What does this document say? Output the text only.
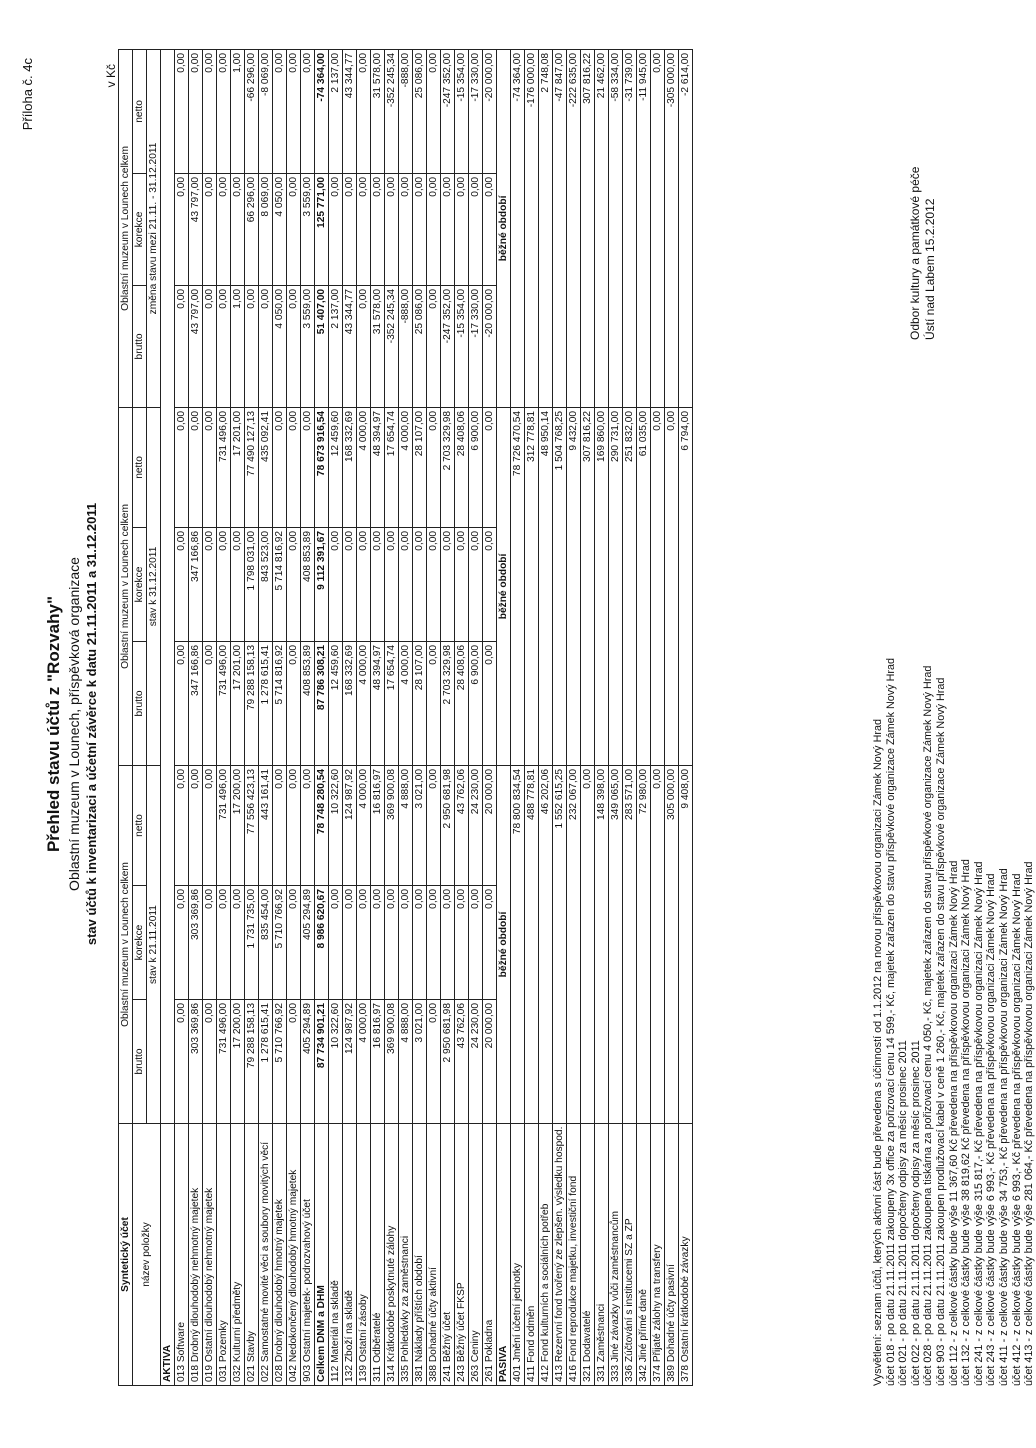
Příloha č. 4c
Přehled stavu účtů z "Rozvahy" Oblastní muzeum v Lounech, příspěvková organizace stav účtů k inventarizaci a účetní závěrce k datu 21.11.2011 a 31.12.2011
v Kč
Syntetický účet	Oblastní muzeum v Lounech celkem			Oblastní muzeum v Lounech celkem			Oblastní muzeum v Lounech celkem		
název položky	brutto	korekce	netto	brutto	korekce	netto	brutto	korekce	netto
	stav k 21.11.2011			stav k 31.12.2011			změna stavu mezi 21.11. - 31.12.2011		
AKTIVA									
013 Software	0,00	0,00	0,00	0,00	0,00	0,00	0,00	0,00	0,00
018 Drobný dlouhodobý nehmotný majetek	303 369,86	303 369,86	0,00	347 166,86	347 166,86	0,00	43 797,00	43 797,00	0,00
019 Ostatní dlouhodobý nehmotný majetek	0,00	0,00	0,00	0,00	0,00	0,00	0,00	0,00	0,00
031 Pozemky	731 496,00	0,00	731 496,00	731 496,00	0,00	731 496,00	0,00	0,00	0,00
032 Kulturní předměty	17 200,00	0,00	17 200,00	17 201,00	0,00	17 201,00	1,00	0,00	1,00
021 Stavby	79 288 158,13	1 731 735,00	77 556 423,13	79 288 158,13	1 798 031,00	77 490 127,13	0,00	66 296,00	-66 296,00
022 Samostatné movité věci a soubory movitých věcí	1 278 615,41	835 454,00	443 161,41	1 278 615,41	843 523,00	435 092,41	0,00	8 069,00	-8 069,00
028 Drobný dlouhodobý hmotný majetek	5 710 766,92	5 710 766,92	0,00	5 714 816,92	5 714 816,92	0,00	4 050,00	4 050,00	0,00
042 Nedokončený dlouhodobý hmotný majetek	0,00	0,00	0,00	0,00	0,00	0,00	0,00	0,00	0,00
903 Ostatní majetek- podrozvahový účet	405 294,89	405 294,89	0,00	408 853,89	408 853,89	0,00	3 559,00	3 559,00	0,00
Celkem DNM a DHM	87 734 901,21	8 986 620,67	78 748 280,54	87 786 308,21	9 112 391,67	78 673 916,54	51 407,00	125 771,00	-74 364,00
112 Materiál na skladě	10 322,60	0,00	10 322,60	12 459,60	0,00	12 459,60	2 137,00	0,00	2 137,00
132 Zboží na skladě	124 987,92	0,00	124 987,92	168 332,69	0,00	168 332,69	43 344,77	0,00	43 344,77
139 Ostatní zásoby	4 000,00	0,00	4 000,00	4 000,00	0,00	4 000,00	0,00	0,00	0,00
311 Odběratelé	16 816,97	0,00	16 816,97	48 394,97	0,00	48 394,97	31 578,00	0,00	31 578,00
314 Krátkodobé poskytnuté zálohy	369 900,08	0,00	369 900,08	17 654,74	0,00	17 654,74	-352 245,34	0,00	-352 245,34
335 Pohledávky za zaměstnanci	4 888,00	0,00	4 888,00	4 000,00	0,00	4 000,00	-888,00	0,00	-888,00
381 Náklady příštích období	3 021,00	0,00	3 021,00	28 107,00	0,00	28 107,00	25 086,00	0,00	25 086,00
388 Dohadné účty aktivní	0,00	0,00	0,00	0,00	0,00	0,00	0,00	0,00	0,00
241 Běžný účet	2 950 681,98	0,00	2 950 681,98	2 703 329,98	0,00	2 703 329,98	-247 352,00	0,00	-247 352,00
243 Běžný účet FKSP	43 762,06	0,00	43 762,06	28 408,06	0,00	28 408,06	-15 354,00	0,00	-15 354,00
263 Ceniny	24 230,00	0,00	24 230,00	6 900,00	0,00	6 900,00	-17 330,00	0,00	-17 330,00
261 Pokladna	20 000,00	0,00	20 000,00	0,00	0,00	0,00	-20 000,00	0,00	-20 000,00
PASIVA	běžné období			běžné období			běžné období		
401 Jmění účetní jednotky	78 800 834,54			78 726 470,54			-74 364,00		
411 Fond odměn	488 778,81			312 778,81			-176 000,00		
412 Fond kulturních a sociálních potřeb	46 202,06			48 950,14			2 748,08		
413 Rezervní fond tvořený ze zlepšen. výsledku hospod.	1 552 615,25			1 504 768,25			-47 847,00		
416 Fond reprodukce majetku, investiční fond	232 067,00			9 432,00			-222 635,00		
321 Dodavatelé	0,00			307 816,22			307 816,22		
331 Zaměstnanci	148 398,00			169 860,00			21 462,00		
333 Jiné závazky vůči zaměstnancům	349 065,00			290 731,00			-58 334,00		
336 Zúčtování s institucemi SZ a ZP	283 571,00			251 832,00			-31 739,00		
342 Jiné přímé daně	72 980,00			61 035,00			-11 945,00		
374 Přijaté zálohy na transfery	0,00			0,00			0,00		
389 Dohadné účty pasivní	305 000,00			0,00			-305 000,00		
378 Ostatní krátkodobé závazky	9 408,00			6 794,00			-2 614,00		
Vysvětlení: seznam účtů, kterých aktivní část bude převedena s účinností od 1.1.2012 na novou příspěvkovou organizaci Zámek Nový Hrad účet 018 - po datu 21.11.2011 zakoupeny 3x office za pořizovací cenu 14 599,- Kč, majetek zařazen do stavu příspěvkové organizace Zámek Nový Hrad účet 021 - po datu 21.11.2011 dopočteny odpisy za měsíc prosinec 2011 účet 022 - po datu 21.11.2011 dopočteny odpisy za měsíc prosinec 2011 účet 028 - po datu 21.11.2011 zakoupena tiskárna za pořizovací cenu 4 050,- Kč, majetek zařazen do stavu příspěvkové organizace Zámek Nový Hrad účet 903 - po datu 21.11.2011 zakoupen prodlužovací kabel v ceně 1 260,- Kč, majetek zařazen do stavu příspěvkové organizace Zámek Nový Hrad účet 112 - z celkové částky bude výše 11 367,60 Kč převedena na příspěvkovou organizaci Zámek Nový Hrad účet 132 - z celkové částky bude výše 38 819,62 Kč převedena na příspěvkovou organizaci Zámek Nový Hrad účet 241 - z celkové částky bude výše 315 817,- Kč převedena na příspěvkovou organizaci Zámek Nový Hrad účet 243 - z celkové částky bude výše 6 993,- Kč převedena na příspěvkovou organizaci Zámek Nový Hrad účet 411 - z celkové částky bude výše 34 753,- Kč převedena na příspěvkovou organizaci Zámek Nový Hrad účet 412 - z celkové částky bude výše 6 993,- Kč převedena na příspěvkovou organizaci Zámek Nový Hrad účet 413 - z celkové částky bude výše 281 064,- Kč převedena na příspěvkovou organizaci Zámek Nový Hrad
Odbor kultury a památkové péče Ústí nad Labem 15.2.2012
